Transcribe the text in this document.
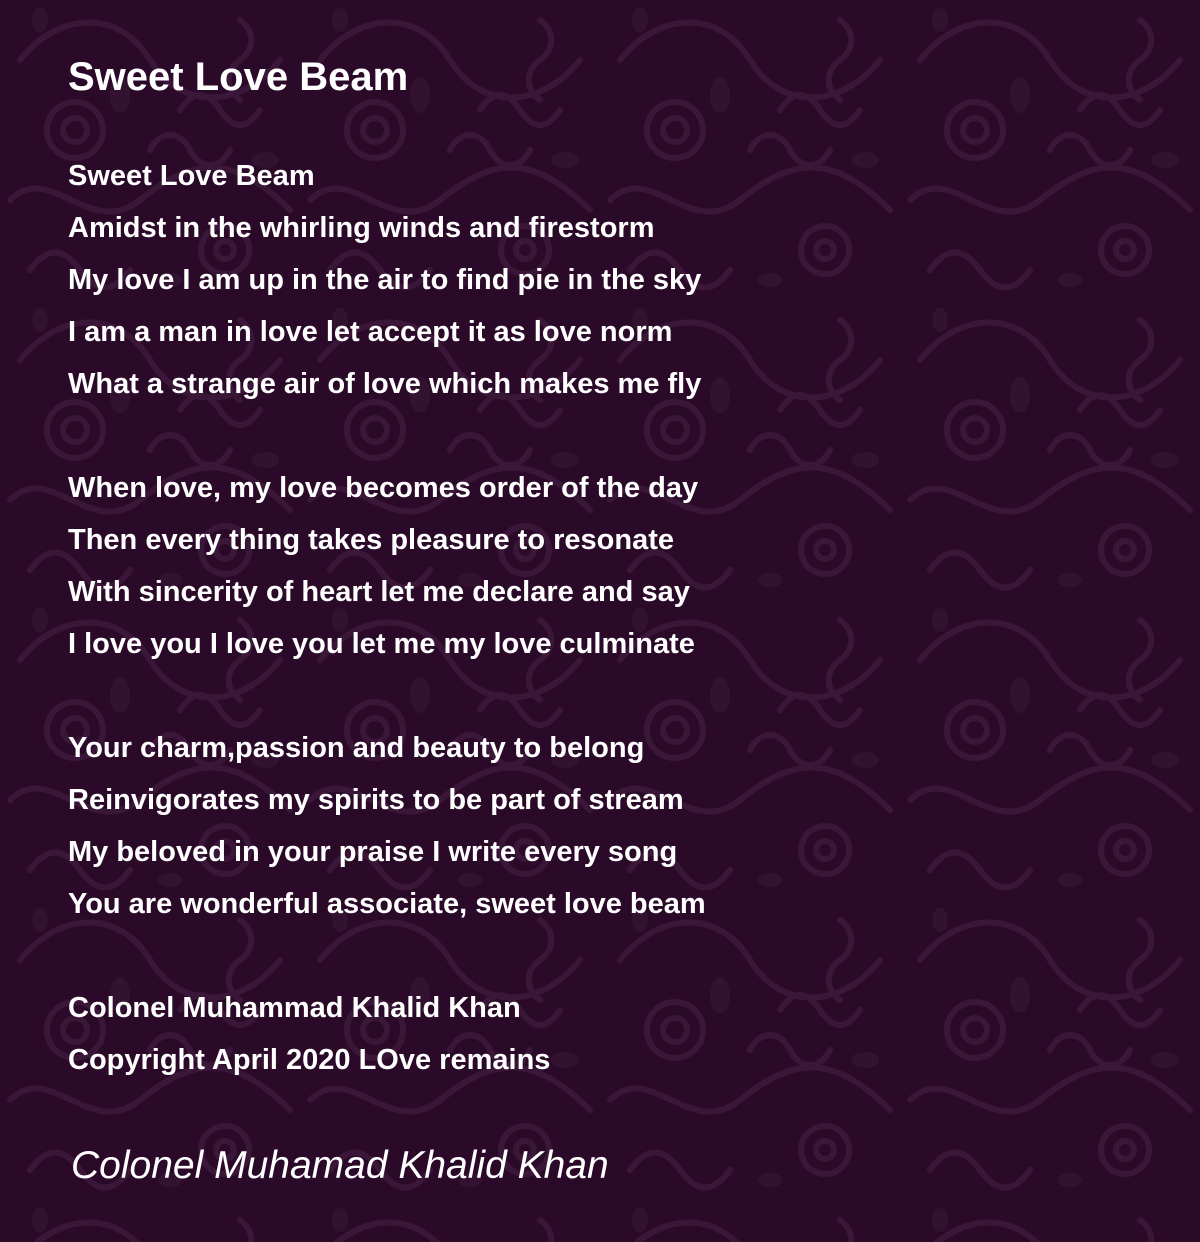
Sweet Love Beam
Sweet Love Beam
Amidst in the whirling winds and firestorm
My love I am up in the air to find pie in the sky
I am a man in love let accept it as love norm
What a strange air of love which makes me fly
When love, my love becomes order of the day
Then every thing takes pleasure to resonate
With sincerity of heart let me declare and say
I love you I love you let me my love culminate
Your charm,passion and beauty to belong
Reinvigorates my spirits to be part of stream
My beloved in your praise I write every song
You are wonderful associate, sweet love beam
Colonel Muhammad Khalid Khan
Copyright April 2020 LOve remains
Colonel Muhamad Khalid Khan
